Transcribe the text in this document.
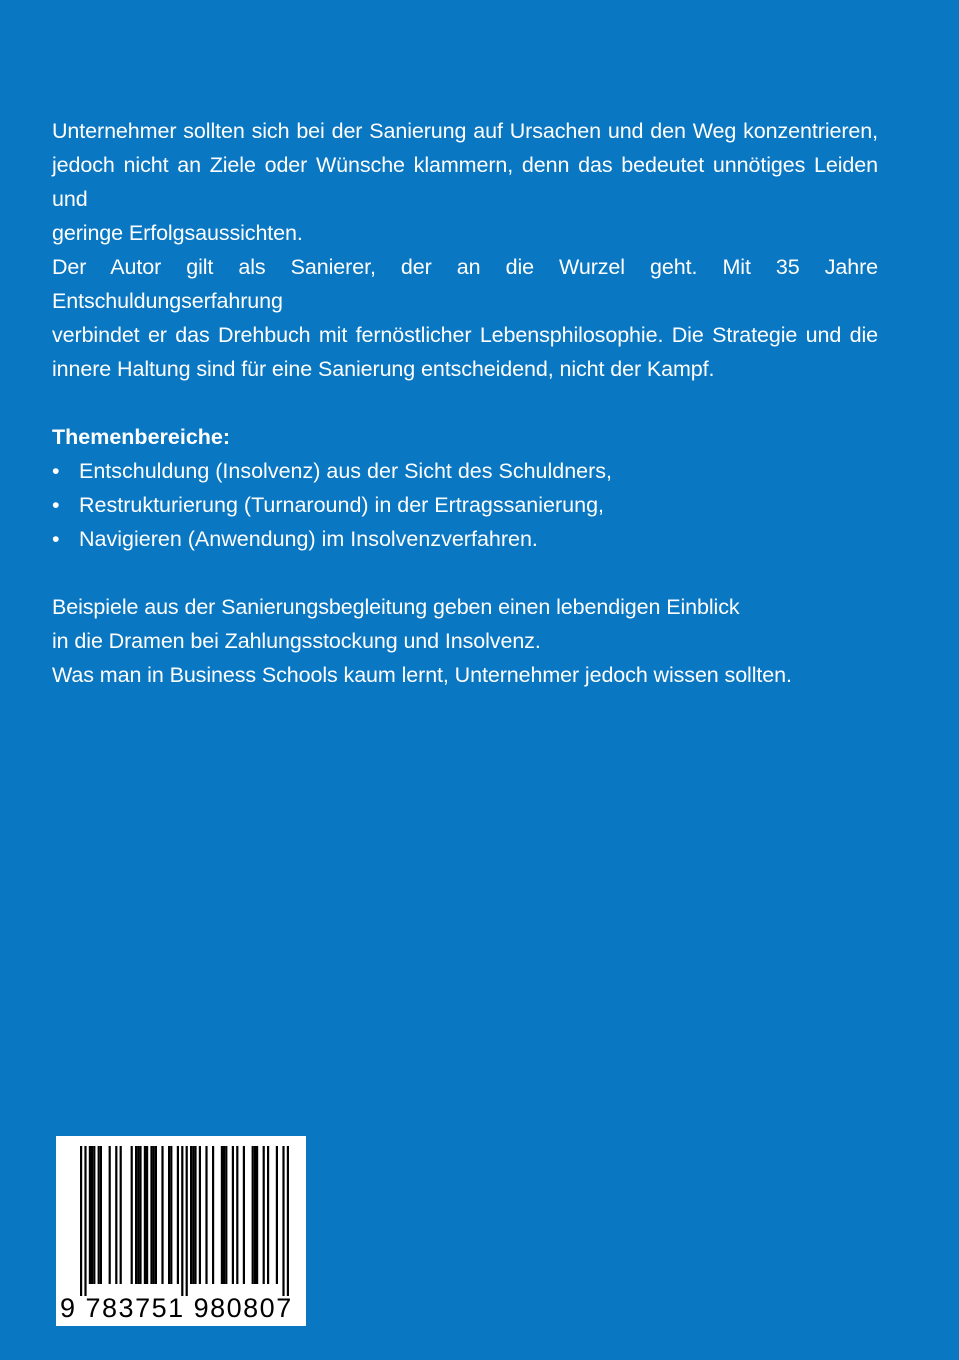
Unternehmer sollten sich bei der Sanierung auf Ursachen und den Weg konzentrieren,
jedoch nicht an Ziele oder Wünsche klammern, denn das bedeutet unnötiges Leiden und
geringe Erfolgsaussichten.
Der Autor gilt als Sanierer, der an die Wurzel geht. Mit 35 Jahre Entschuldungserfahrung
verbindet er das Drehbuch mit fernöstlicher Lebensphilosophie. Die Strategie und die
innere Haltung sind für eine Sanierung entscheidend, nicht der Kampf.
Themenbereiche:
• Entschuldung (Insolvenz) aus der Sicht des Schuldners,
• Restrukturierung (Turnaround) in der Ertragssanierung,
• Navigieren (Anwendung) im Insolvenzverfahren.
Beispiele aus der Sanierungsbegleitung geben einen lebendigen Einblick
in die Dramen bei Zahlungsstockung und Insolvenz.
Was man in Business Schools kaum lernt, Unternehmer jedoch wissen sollten.
9 783751 980807
